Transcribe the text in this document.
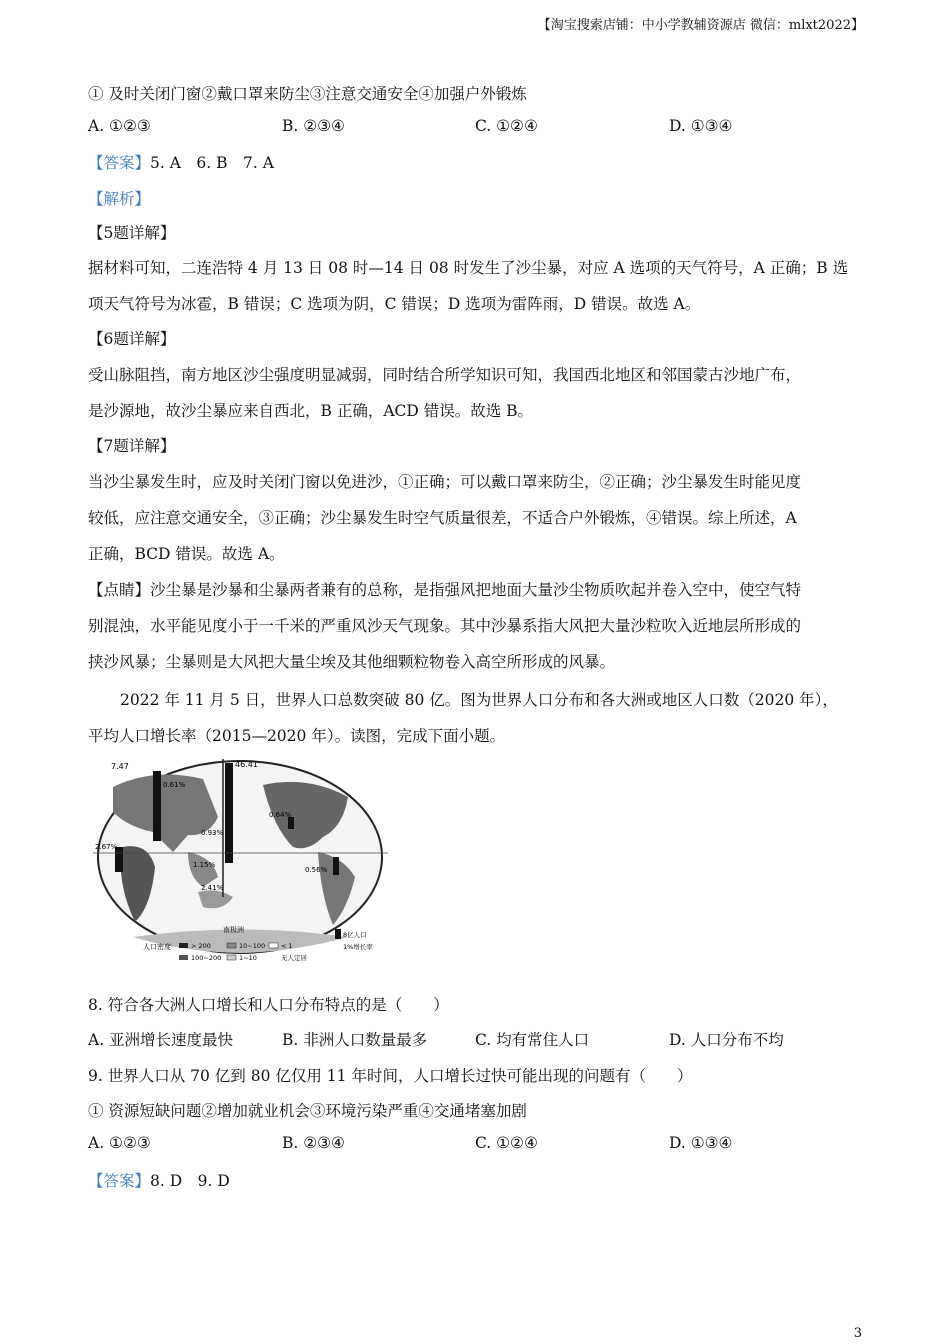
【淘宝搜索店铺：中小学教辅资源店 微信：mlxt2022】
① 及时关闭门窗②戴口罩来防尘③注意交通安全④加强户外锻炼
A. ①②③	B. ②③④	C. ①②④	D. ①③④
【答案】5. A　6. B　7. A
【解析】
【5题详解】
据材料可知，二连浩特 4 月 13 日 08 时—14 日 08 时发生了沙尘暴，对应 A 选项的天气符号，A 正确；B 选
项天气符号为冰雹，B 错误；C 选项为阴，C 错误；D 选项为雷阵雨，D 错误。故选 A。
【6题详解】
受山脉阻挡，南方地区沙尘强度明显减弱，同时结合所学知识可知，我国西北地区和邻国蒙古沙地广布，
是沙源地，故沙尘暴应来自西北，B 正确，ACD 错误。故选 B。
【7题详解】
当沙尘暴发生时，应及时关闭门窗以免进沙，①正确；可以戴口罩来防尘，②正确；沙尘暴发生时能见度
较低，应注意交通安全，③正确；沙尘暴发生时空气质量很差，不适合户外锻炼，④错误。综上所述，A
正确，BCD 错误。故选 A。
【点睛】沙尘暴是沙暴和尘暴两者兼有的总称，是指强风把地面大量沙尘物质吹起并卷入空中，使空气特
别混浊，水平能见度小于一千米的严重风沙天气现象。其中沙暴系指大风把大量沙粒吹入近地层所形成的
挟沙风暴；尘暴则是大风把大量尘埃及其他细颗粒物卷入高空所形成的风暴。
2022 年 11 月 5 日，世界人口总数突破 80 亿。图为世界人口分布和各大洲或地区人口数（2020 年），
平均人口增长率（2015—2020 年）。读图，完成下面小题。
7.47
0.61%
46.41
0.64%
2.67%
0.93%
0.56%
2.41%
1.15%
南极洲
人口密度	> 200	10~100 < 1
100~200	1~10	无人定居
8亿人口
1%增长率
8. 符合各大洲人口增长和人口分布特点的是（　　）
A. 亚洲增长速度最快	B. 非洲人口数量最多	C. 均有常住人口	D. 人口分布不均
9. 世界人口从 70 亿到 80 亿仅用 11 年时间，人口增长过快可能出现的问题有（　　）
① 资源短缺问题②增加就业机会③环境污染严重④交通堵塞加剧
A. ①②③	B. ②③④	C. ①②④	D. ①③④
【答案】8. D　9. D
3
